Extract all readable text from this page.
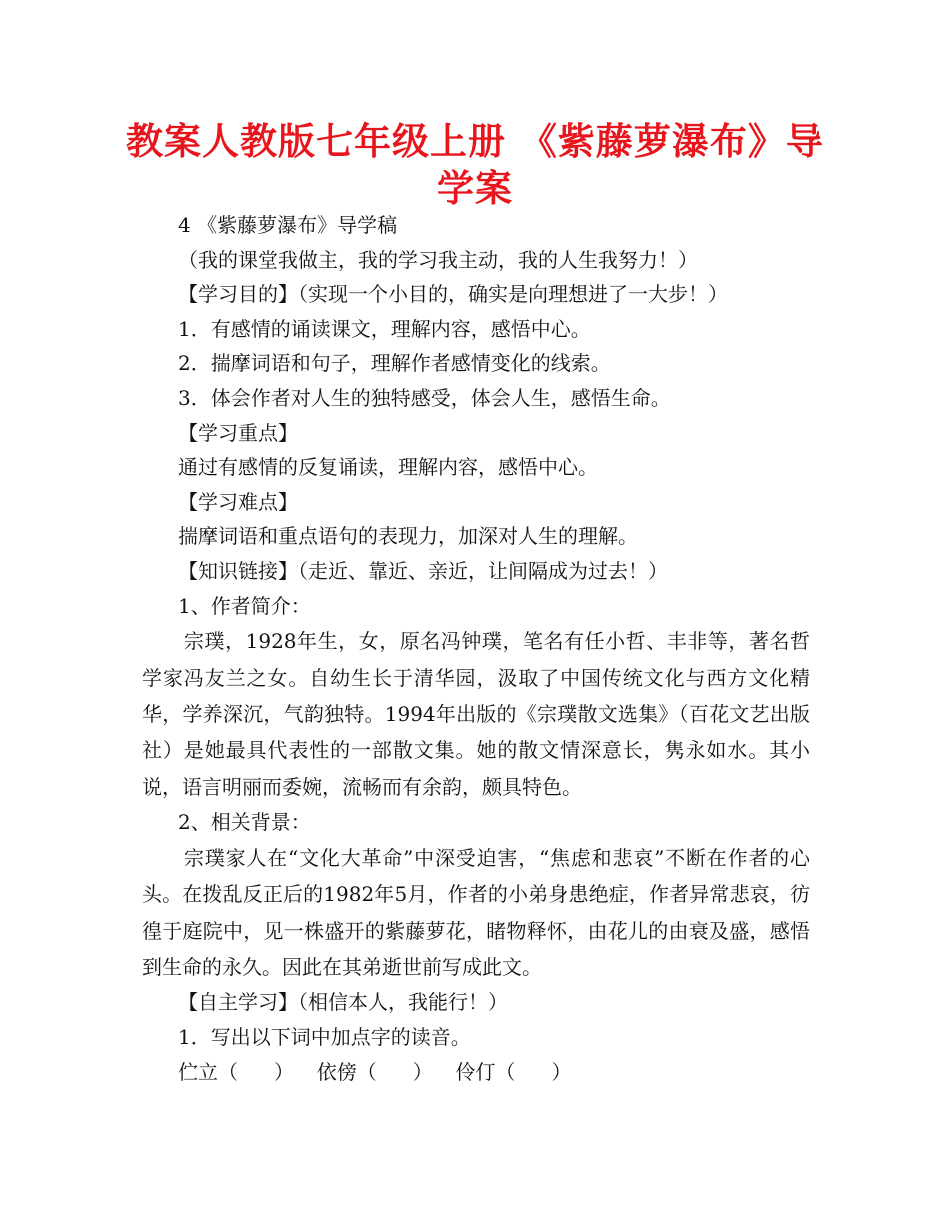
教案人教版七年级上册 《紫藤萝瀑布》导学案
4 《紫藤萝瀑布》导学稿
（我的课堂我做主，我的学习我主动，我的人生我努力！）
【学习目的】（实现一个小目的，确实是向理想进了一大步！）
1．有感情的诵读课文，理解内容，感悟中心。
2．揣摩词语和句子，理解作者感情变化的线索。
3．体会作者对人生的独特感受，体会人生，感悟生命。
【学习重点】
通过有感情的反复诵读，理解内容，感悟中心。
【学习难点】
揣摩词语和重点语句的表现力，加深对人生的理解。
【知识链接】（走近、靠近、亲近，让间隔成为过去！）
1、作者简介：

宗璞，1928年生，女，原名冯钟璞，笔名有任小哲、丰非等，著名哲学家冯友兰之女。自幼生长于清华园，汲取了中国传统文化与西方文化精华，学养深沉，气韵独特。1994年出版的《宗璞散文选集》（百花文艺出版社）是她最具代表性的一部散文集。她的散文情深意长，隽永如水。其小说，语言明丽而委婉，流畅而有余韵，颇具特色。

2、相关背景：

宗璞家人在“文化大革命”中深受迫害，“焦虑和悲哀”不断在作者的心头。在拨乱反正后的1982年5月，作者的小弟身患绝症，作者异常悲哀，彷徨于庭院中，见一株盛开的紫藤萝花，睹物释怀，由花儿的由衰及盛，感悟到生命的永久。因此在其弟逝世前写成此文。

【自主学习】（相信本人，我能行！）
1．写出以下词中加点字的读音。
伫立（ ） 依傍（ ） 伶仃（ ）
